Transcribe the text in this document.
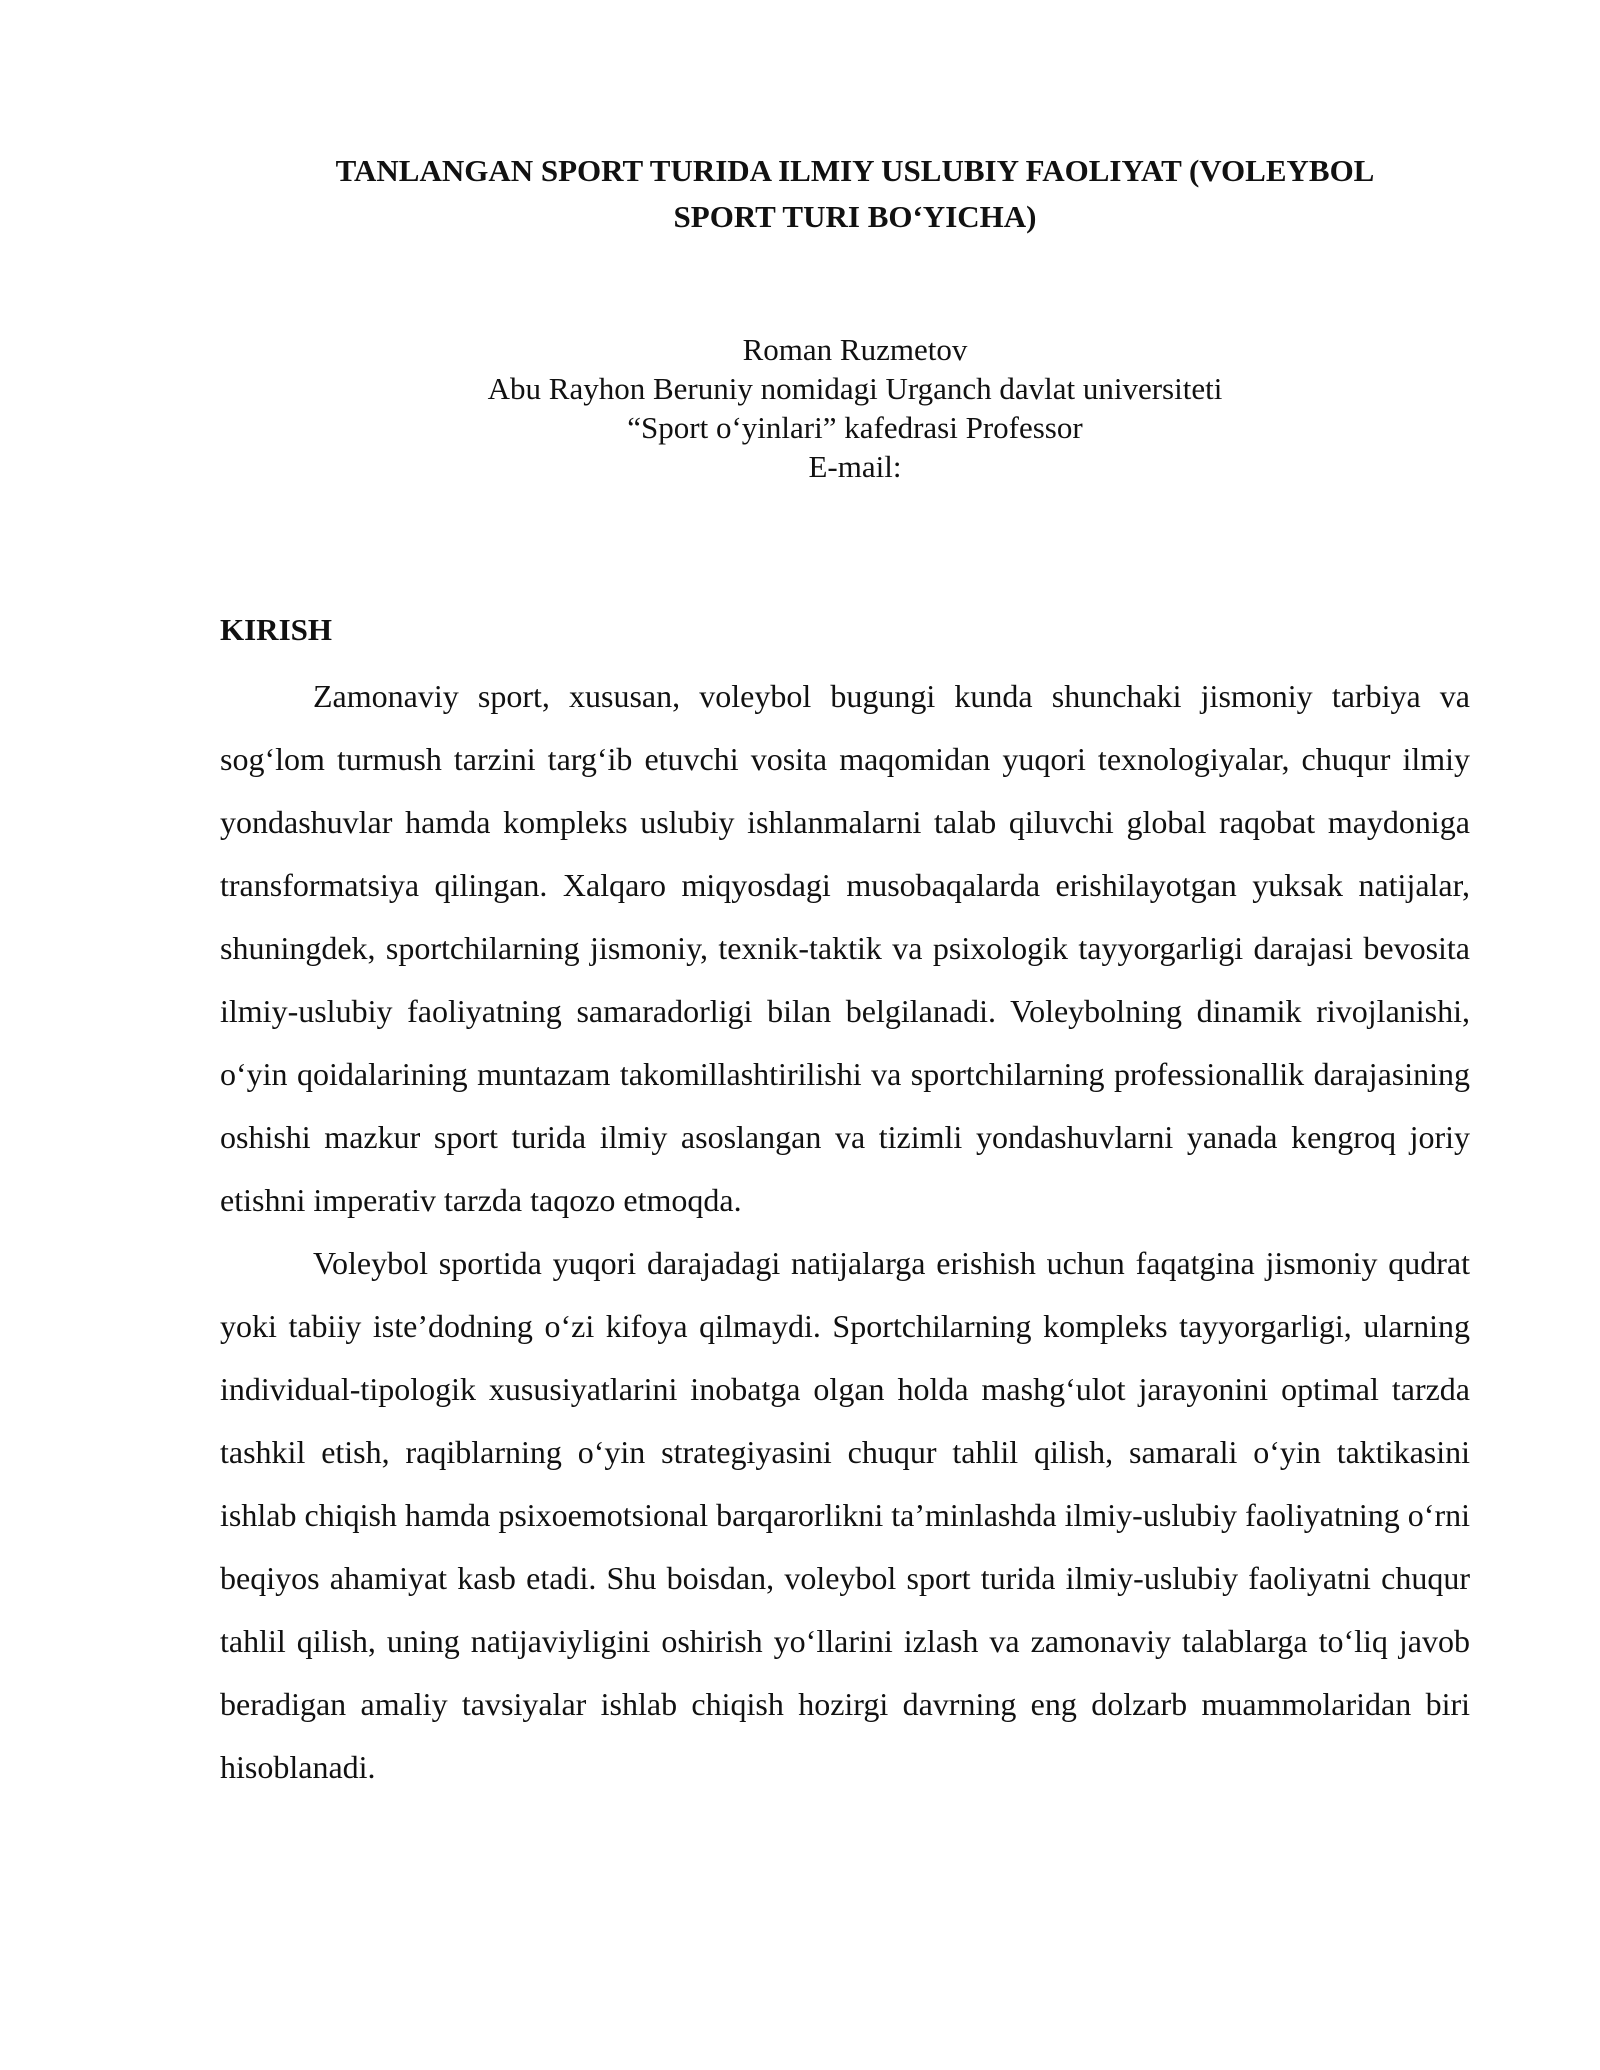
TANLANGAN SPORT TURIDA ILMIY USLUBIY FAOLIYAT (VOLEYBOL
SPORT TURI BO‘YICHA)
Roman Ruzmetov
Abu Rayhon Beruniy nomidagi Urganch davlat universiteti
“Sport o‘yinlari” kafedrasi Professor
E-mail:
KIRISH

Zamonaviy sport, xususan, voleybol bugungi kunda shunchaki jismoniy tarbiya va sog‘lom turmush tarzini targ‘ib etuvchi vosita maqomidan yuqori texnologiyalar, chuqur ilmiy yondashuvlar hamda kompleks uslubiy ishlanmalarni talab qiluvchi global raqobat maydoniga transformatsiya qilingan. Xalqaro miqyosdagi musobaqalarda erishilayotgan yuksak natijalar, shuningdek, sportchilarning jismoniy, texnik-taktik va psixologik tayyorgarligi darajasi bevosita ilmiy-uslubiy faoliyatning samaradorligi bilan belgilanadi. Voleybolning dinamik rivojlanishi, o‘yin qoidalarining muntazam takomillashtirilishi va sportchilarning professionallik darajasining oshishi mazkur sport turida ilmiy asoslangan va tizimli yondashuvlarni yanada kengroq joriy etishni imperativ tarzda taqozo etmoqda.

Voleybol sportida yuqori darajadagi natijalarga erishish uchun faqatgina jismoniy qudrat yoki tabiiy iste’dodning o‘zi kifoya qilmaydi. Sportchilarning kompleks tayyorgarligi, ularning individual-tipologik xususiyatlarini inobatga olgan holda mashg‘ulot jarayonini optimal tarzda tashkil etish, raqiblarning o‘yin strategiyasini chuqur tahlil qilish, samarali o‘yin taktikasini ishlab chiqish hamda psixoemotsional barqarorlikni ta’minlashda ilmiy-uslubiy faoliyatning o‘rni beqiyos ahamiyat kasb etadi. Shu boisdan, voleybol sport turida ilmiy-uslubiy faoliyatni chuqur tahlil qilish, uning natijaviyligini oshirish yo‘llarini izlash va zamonaviy talablarga to‘liq javob beradigan amaliy tavsiyalar ishlab chiqish hozirgi davrning eng dolzarb muammolaridan biri hisoblanadi.
